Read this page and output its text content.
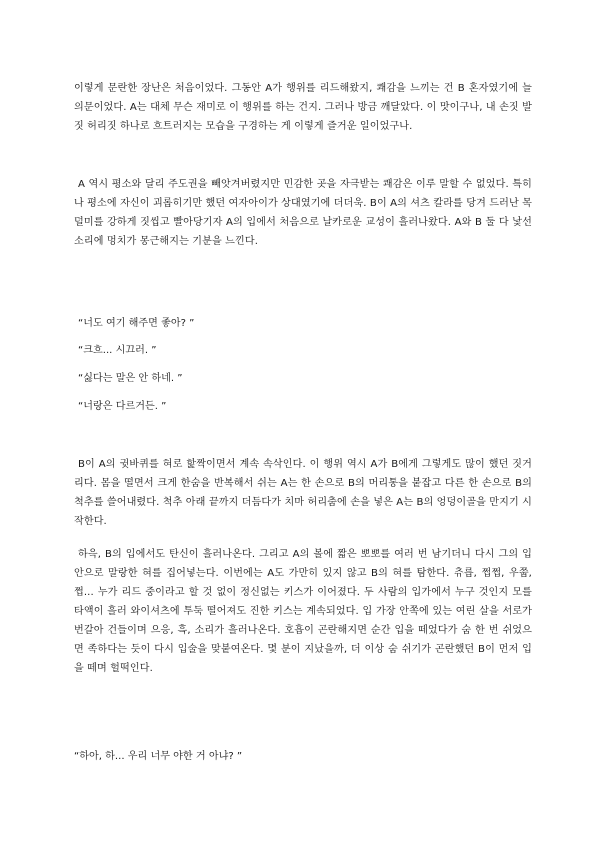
이렇게 문란한 장난은 처음이었다. 그동안 A가 행위를 리드해왔지, 쾌감을 느끼는 건 B 혼자였기에 늘 의문이었다. A는 대체 무슨 재미로 이 행위를 하는 건지. 그러나 방금 깨달았다. 이 맛이구나, 내 손짓 발짓 허리짓 하나로 흐트러지는 모습을 구경하는 게 이렇게 즐거운 일이었구나.

A 역시 평소와 달리 주도권을 빼앗겨버렸지만 민감한 곳을 자극받는 쾌감은 이루 말할 수 없었다. 특히나 평소에 자신이 괴롭히기만 했던 여자아이가 상대였기에 더더욱. B이 A의 셔츠 칼라를 당겨 드러난 목덜미를 강하게 짓씹고 빨아당기자 A의 입에서 처음으로 날카로운 교성이 흘러나왔다. A와 B 둘 다 낯선 소리에 멍치가 몽근해지는 기분을 느낀다.

“너도 여기 해주면 좋아? ”

“크흐... 시끄러. ”

“싫다는 말은 안 하네. ”

“너랑은 다르거든. ”

B이 A의 귓바퀴를 혀로 핥짝이면서 계속 속삭인다. 이 행위 역시 A가 B에게 그렇게도 많이 했던 짓거리다. 몸을 떨면서 크게 한숨을 반복해서 쉬는 A는 한 손으로 B의 머리통을 붙잡고 다른 한 손으로 B의 척추를 쓸어내렸다. 척추 아래 끝까지 더듬다가 치마 허리춤에 손을 넣은 A는 B의 엉덩이골을 만지기 시작한다.

하윽, B의 입에서도 탄신이 흘러나온다. 그리고 A의 볼에 짧은 뽀뽀를 여러 번 남기더니 다시 그의 입 안으로 말랑한 혀를 집어넣는다. 이번에는 A도 가만히 있지 않고 B의 혀를 탐한다. 츄릅, 쩝쩝, 우쭙, 쩝... 누가 리드 중이라고 할 것 없이 정신없는 키스가 이어졌다. 두 사람의 입가에서 누구 것인지 모를 타액이 흘러 와이셔츠에 투둑 떨어져도 진한 키스는 계속되었다. 입 가장 안쪽에 있는 여린 살을 서로가 번갈아 건들이며 으응, 흑, 소리가 흘러나온다. 호흡이 곤란해지면 순간 입을 떼었다가 숨 한 번 쉬었으면 족하다는 듯이 다시 입술을 맞붙여온다. 몇 분이 지났을까, 더 이상 숨 쉬기가 곤란했던 B이 먼저 입을 떼며 헐떡인다.

“하아, 하... 우리 너무 야한 거 아냐? ”
